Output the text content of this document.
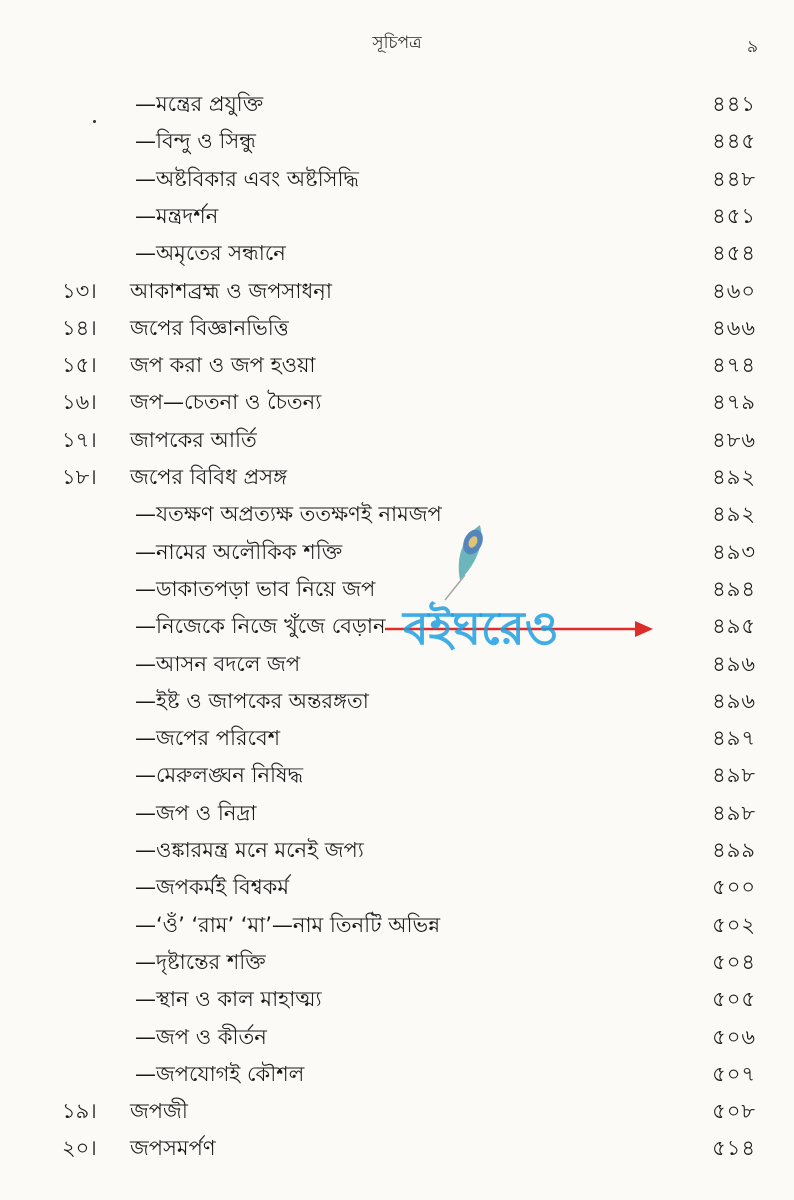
সূচিপত্র	৯
—মন্ত্রের প্রযুক্তি	৪৪১
—বিন্দু ও সিন্ধু	৪৪৫
—অষ্টবিকার এবং অষ্টসিদ্ধি	৪৪৮
—মন্ত্রদর্শন	৪৫১
—অমৃতের সন্ধানে	৪৫৪
১৩। আকাশব্রহ্ম ও জপসাধনা	৪৬০
১৪। জপের বিজ্ঞানভিত্তি	৪৬৬
১৫। জপ করা ও জপ হওয়া	৪৭৪
১৬। জপ—চেতনা ও চৈতন্য	৪৭৯
১৭। জাপকের আর্তি	৪৮৬
১৮। জপের বিবিধ প্রসঙ্গ	৪৯২
—যতক্ষণ অপ্রত্যক্ষ ততক্ষণই নামজপ	৪৯২
—নামের অলৌকিক শক্তি	৪৯৩
—ডাকাতপড়া ভাব নিয়ে জপ	৪৯৪
—নিজেকে নিজে খুঁজে বেড়ান	৪৯৫
—আসন বদলে জপ	৪৯৬
—ইষ্ট ও জাপকের অন্তরঙ্গতা	৪৯৬
—জপের পরিবেশ	৪৯৭
—মেরুলঙ্ঘন নিষিদ্ধ	৪৯৮
—জপ ও নিদ্রা	৪৯৮
—ওঙ্কারমন্ত্র মনে মনেই জপ্য	৪৯৯
—জপকর্মই বিশ্বকর্ম	৫০০
—‘ওঁ’ ‘রাম’ ‘মা’—নাম তিনটি অভিন্ন	৫০২
—দৃষ্টান্তের শক্তি	৫০৪
—স্থান ও কাল মাহাত্ম্য	৫০৫
—জপ ও কীর্তন	৫০৬
—জপযোগই কৌশল	৫০৭
১৯। জপজী	৫০৮
২০। জপসমর্পণ	৫১৪
বইঘরেও
